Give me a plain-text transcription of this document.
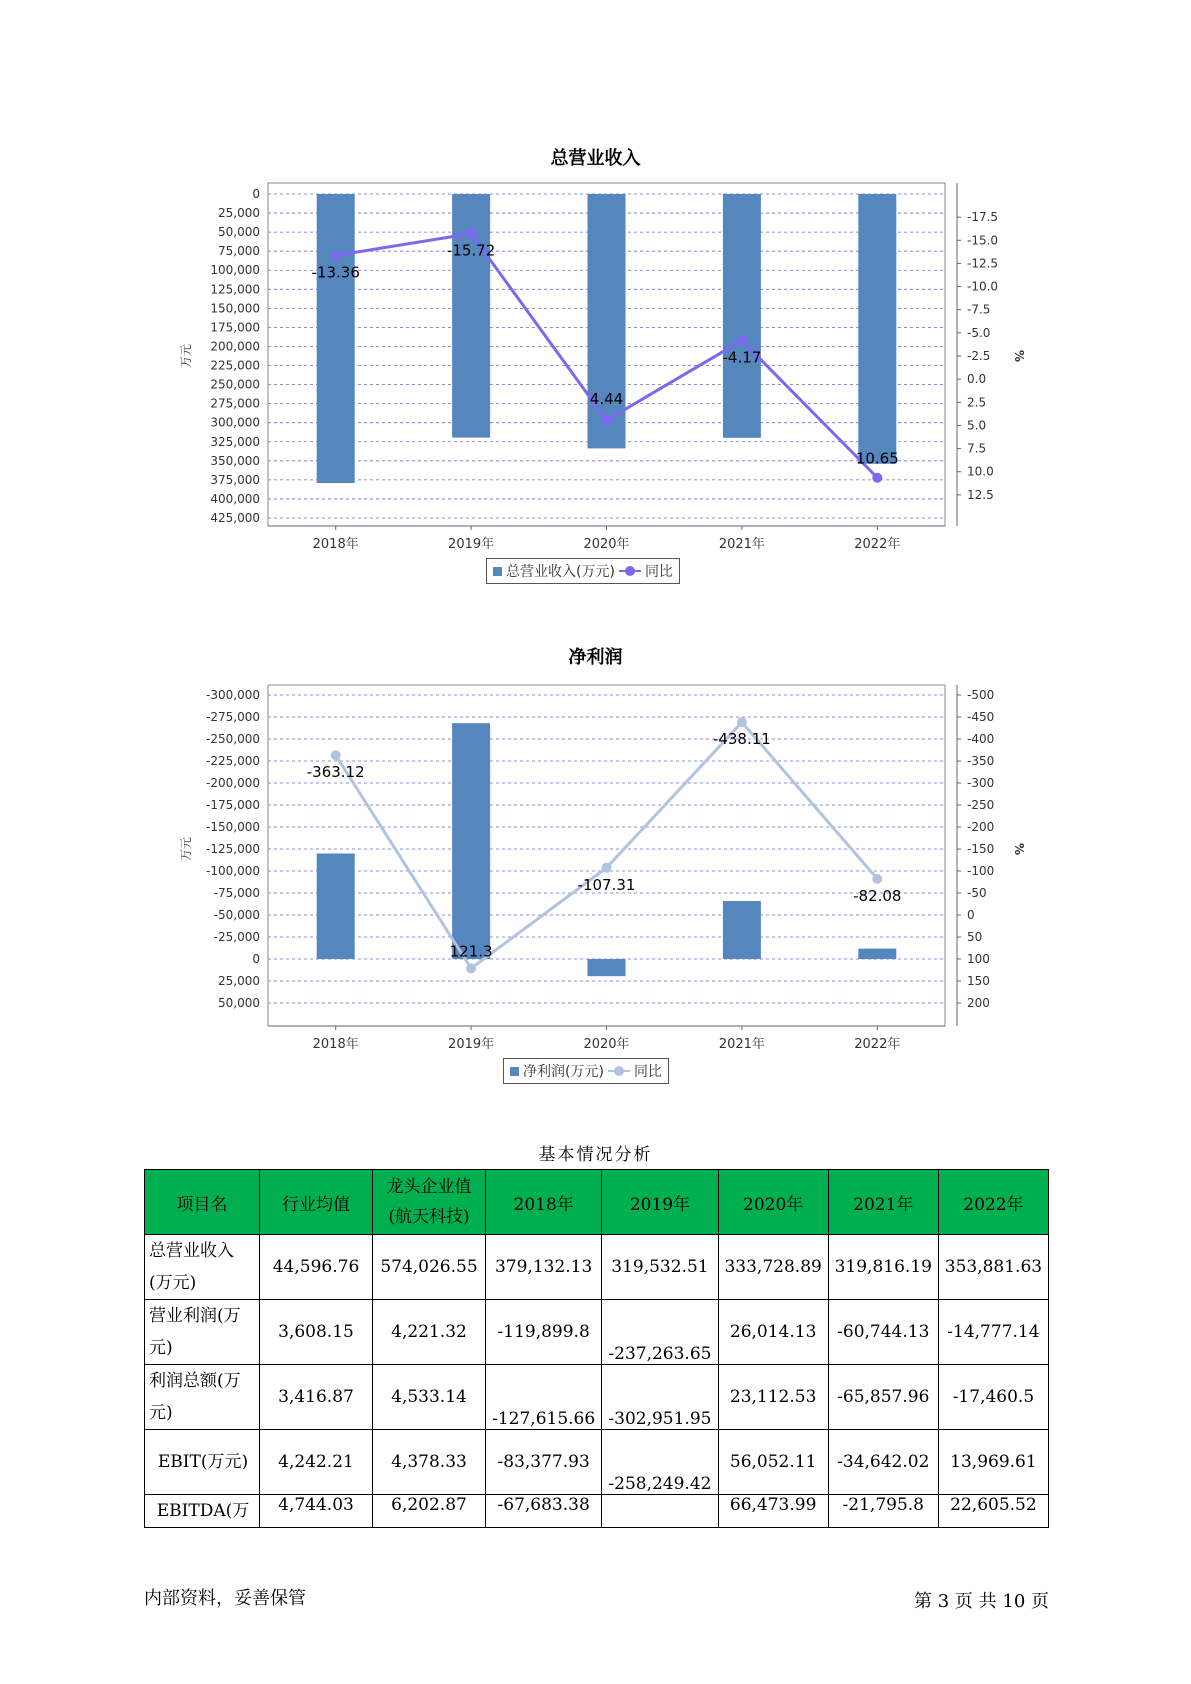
总营业收入
0
25,000
50,000
75,000
100,000
125,000
150,000
175,000
200,000
225,000
250,000
275,000
300,000
325,000
350,000
375,000
400,000
425,000
-17.5
-15.0
-12.5
-10.0
-7.5
-5.0
-2.5
0.0
2.5
5.0
7.5
10.0
12.5
万元	%
2018年	2019年	2020年	2021年	2022年
-13.36
-15.72
4.44
-4.17
10.65
总营业收入(万元) 同比
净利润
-300,000
-275,000
-250,000
-225,000
-200,000
-175,000
-150,000
-125,000
-100,000
-75,000
-50,000
-25,000
0
25,000
50,000
-500
-450
-400
-350
-300
-250
-200
-150
-100
-50
0
50
100
150
200
万元	%
2018年	2019年	2020年	2021年	2022年
-363.12
121.3
-107.31
-438.11
-82.08
净利润(万元) 同比
基本情况分析
项目名	行业均值	龙头企业值(航天科技)	2018年	2019年	2020年	2021年	2022年
总营业收入(万元)	44,596.76	574,026.55	379,132.13	319,532.51	333,728.89	319,816.19	353,881.63
营业利润(万元)	3,608.15	4,221.32	-119,899.8	-237,263.65	26,014.13	-60,744.13	-14,777.14
利润总额(万元)	3,416.87	4,533.14	-127,615.66	-302,951.95	23,112.53	-65,857.96	-17,460.5
EBIT(万元)	4,242.21	4,378.33	-83,377.93	-258,249.42	56,052.11	-34,642.02	13,969.61
EBITDA(万	4,744.03	6,202.87	-67,683.38		66,473.99	-21,795.8	22,605.52
内部资料，妥善保管	第 3 页 共 10 页
